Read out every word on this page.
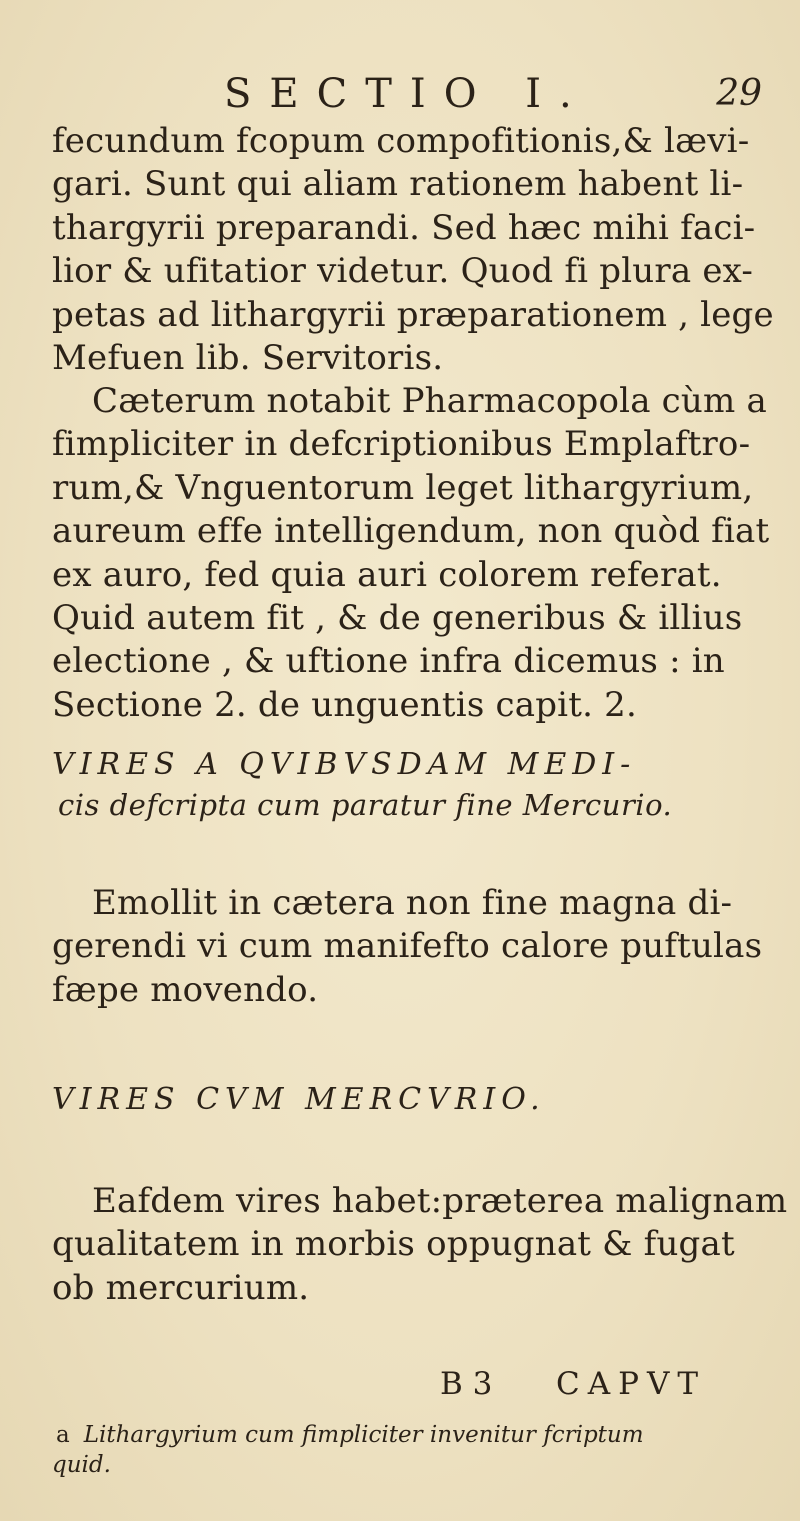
SECTIO I.	29
fecundum fcopum compofitionis,& lævi-
gari. Sunt qui aliam rationem habent li-
thargyrii preparandi. Sed hæc mihi faci-
lior & ufitatior videtur. Quod fi plura ex-
petas ad lithargyrii præparationem , lege
Mefuen lib. Servitoris.
Cæterum notabit Pharmacopola cùm a
fimpliciter in defcriptionibus Emplaftro-
rum,& Vnguentorum leget lithargyrium,
aureum effe intelligendum, non quòd fiat
ex auro, fed quia auri colorem referat.
Quid autem fit , & de generibus & illius
electione , & uftione infra dicemus : in
Sectione 2. de unguentis capit. 2.
VIRES A QVIBVSDAM MEDI-
cis defcripta cum paratur fine Mercurio.
Emollit in cætera non fine magna di-
gerendi vi cum manifefto calore puftulas
fæpe movendo.
VIRES CVM MERCVRIO.
Eafdem vires habet:præterea malignam
qualitatem in morbis oppugnat & fugat
ob mercurium.
B 3 CAPVT
a Lithargyrium cum fimpliciter invenitur fcriptum
quid.
